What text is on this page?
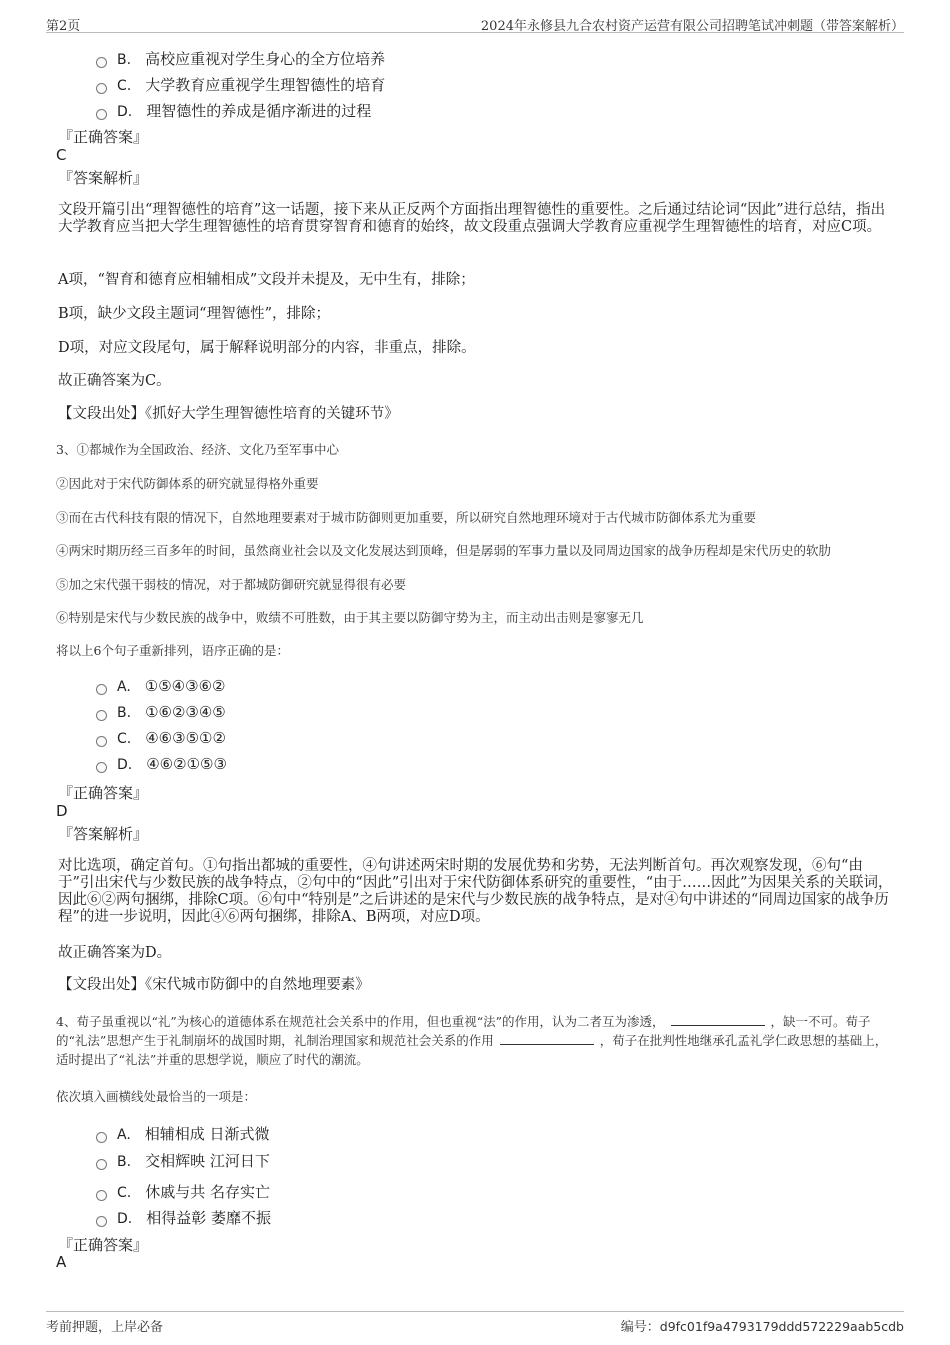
第2页	2024年永修县九合农村资产运营有限公司招聘笔试冲刺题（带答案解析）
B. 高校应重视对学生身心的全方位培养
C. 大学教育应重视学生理智德性的培育
D. 理智德性的养成是循序渐进的过程
『正确答案』
C
『答案解析』
文段开篇引出“理智德性的培育”这一话题，接下来从正反两个方面指出理智德性的重要性。之后通过结论词“因此”进行总结，指出大学教育应当把大学生理智德性的培育贯穿智育和德育的始终，故文段重点强调大学教育应重视学生理智德性的培育，对应C项。
A项，“智育和德育应相辅相成”文段并未提及，无中生有，排除；
B项，缺少文段主题词“理智德性”，排除；
D项，对应文段尾句，属于解释说明部分的内容，非重点，排除。
故正确答案为C。
【文段出处】《抓好大学生理智德性培育的关键环节》
3、①都城作为全国政治、经济、文化乃至军事中心
②因此对于宋代防御体系的研究就显得格外重要
③而在古代科技有限的情况下，自然地理要素对于城市防御则更加重要，所以研究自然地理环境对于古代城市防御体系尤为重要
④两宋时期历经三百多年的时间，虽然商业社会以及文化发展达到顶峰，但是孱弱的军事力量以及同周边国家的战争历程却是宋代历史的软肋
⑤加之宋代强干弱枝的情况，对于都城防御研究就显得很有必要
⑥特别是宋代与少数民族的战争中，败绩不可胜数，由于其主要以防御守势为主，而主动出击则是寥寥无几
将以上6个句子重新排列，语序正确的是：
A. ①⑤④③⑥②
B. ①⑥②③④⑤
C. ④⑥③⑤①②
D. ④⑥②①⑤③
『正确答案』
D
『答案解析』
对比选项，确定首句。①句指出都城的重要性，④句讲述两宋时期的发展优势和劣势，无法判断首句。再次观察发现，⑥句“由于”引出宋代与少数民族的战争特点，②句中的“因此”引出对于宋代防御体系研究的重要性，“由于……因此”为因果关系的关联词，因此⑥②两句捆绑，排除C项。⑥句中“特别是”之后讲述的是宋代与少数民族的战争特点，是对④句中讲述的“同周边国家的战争历程”的进一步说明，因此④⑥两句捆绑，排除A、B两项，对应D项。
故正确答案为D。
【文段出处】《宋代城市防御中的自然地理要素》
4、荀子虽重视以“礼”为核心的道德体系在规范社会关系中的作用，但也重视“法”的作用，认为二者互为渗透，	，缺一不可。荀子的“礼法”思想产生于礼制崩坏的战国时期，礼制治理国家和规范社会关系的作用	，荀子在批判性地继承孔孟礼学仁政思想的基础上，适时提出了“礼法”并重的思想学说，顺应了时代的潮流。
依次填入画横线处最恰当的一项是：
A. 相辅相成 日渐式微
B. 交相辉映 江河日下
C. 休戚与共 名存实亡
D. 相得益彰 萎靡不振
『正确答案』
A
考前押题，上岸必备	编号：d9fc01f9a4793179ddd572229aab5cdb
